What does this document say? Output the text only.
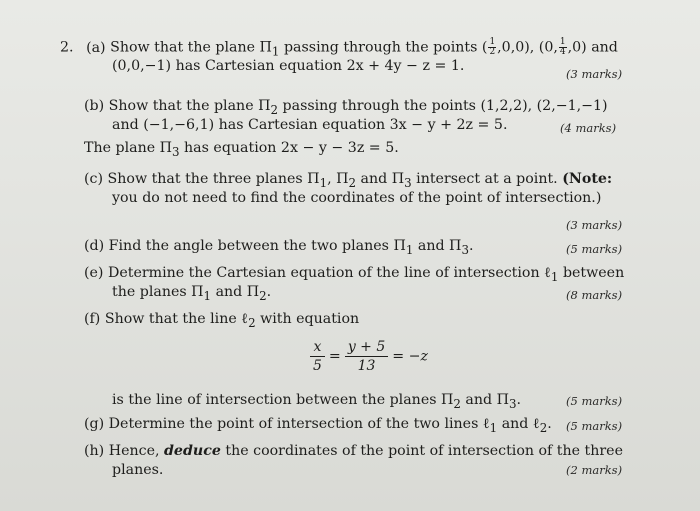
2. (a) Show that the plane $\Pi_1$ passing through the points ( $\frac{1}{2} ,0,0$), (0, $\frac{1}{4} ,0$) and
(0,0,−1) has Cartesian equation 2x + 4y − z = 1.	(3 marks)
(b) Show that the plane $\Pi_2$ passing through the points (1,2,2), (2,−1,−1)
and (−1,−6,1) has Cartesian equation 3x − y + 2z = 5.	(4 marks)
The plane $\Pi_3$ has equation 2x − y − 3z = 5.
(c) Show that the three planes $\Pi_1$, $\Pi_2$ and $\Pi_3$ intersect at a point. (Note:
you do not need to find the coordinates of the point of intersection.)
(3 marks)
(d) Find the angle between the two planes $\Pi_1$ and $\Pi_3$.	(5 marks)
(e) Determine the Cartesian equation of the line of intersection ℓ$_1$ between
the planes $\Pi_1$ and $\Pi_2$.	(8 marks)
(f) Show that the line ℓ$_2$ with equation
$\frac{x}{5} = \frac{y + 5}{13} = -z$
is the line of intersection between the planes $\Pi_2$ and $\Pi_3$.	(5 marks)
(g) Determine the point of intersection of the two lines ℓ$_1$ and ℓ$_2$. (5 marks)
(h) Hence, deduce the coordinates of the point of intersection of the three
planes.	(2 marks)
